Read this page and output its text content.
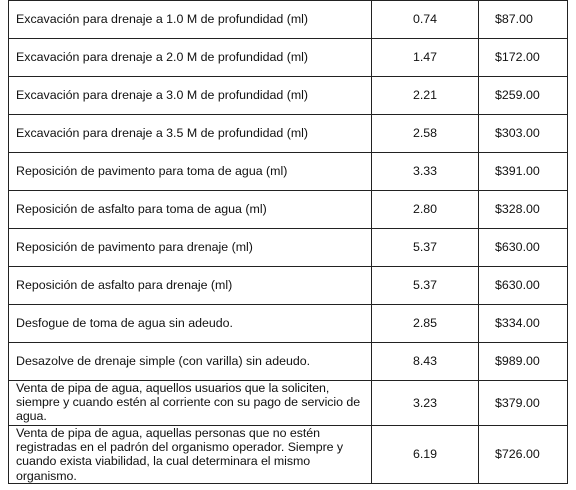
Excavación para drenaje a 1.0 M de profundidad (ml)	0.74	$87.00
Excavación para drenaje a 2.0 M de profundidad (ml)	1.47	$172.00
Excavación para drenaje a 3.0 M de profundidad (ml)	2.21	$259.00
Excavación para drenaje a 3.5 M de profundidad (ml)	2.58	$303.00
Reposición de pavimento para toma de agua (ml)	3.33	$391.00
Reposición de asfalto para toma de agua (ml)	2.80	$328.00
Reposición de pavimento para drenaje (ml)	5.37	$630.00
Reposición de asfalto para drenaje (ml)	5.37	$630.00
Desfogue de toma de agua sin adeudo.	2.85	$334.00
Desazolve de drenaje simple (con varilla) sin adeudo.	8.43	$989.00
Venta de pipa de agua, aquellos usuarios que la soliciten, siempre y cuando estén al corriente con su pago de servicio de agua.	3.23	$379.00
Venta de pipa de agua, aquellas personas que no estén registradas en el padrón del organismo operador. Siempre y cuando exista viabilidad, la cual determinara el mismo organismo.	6.19	$726.00
